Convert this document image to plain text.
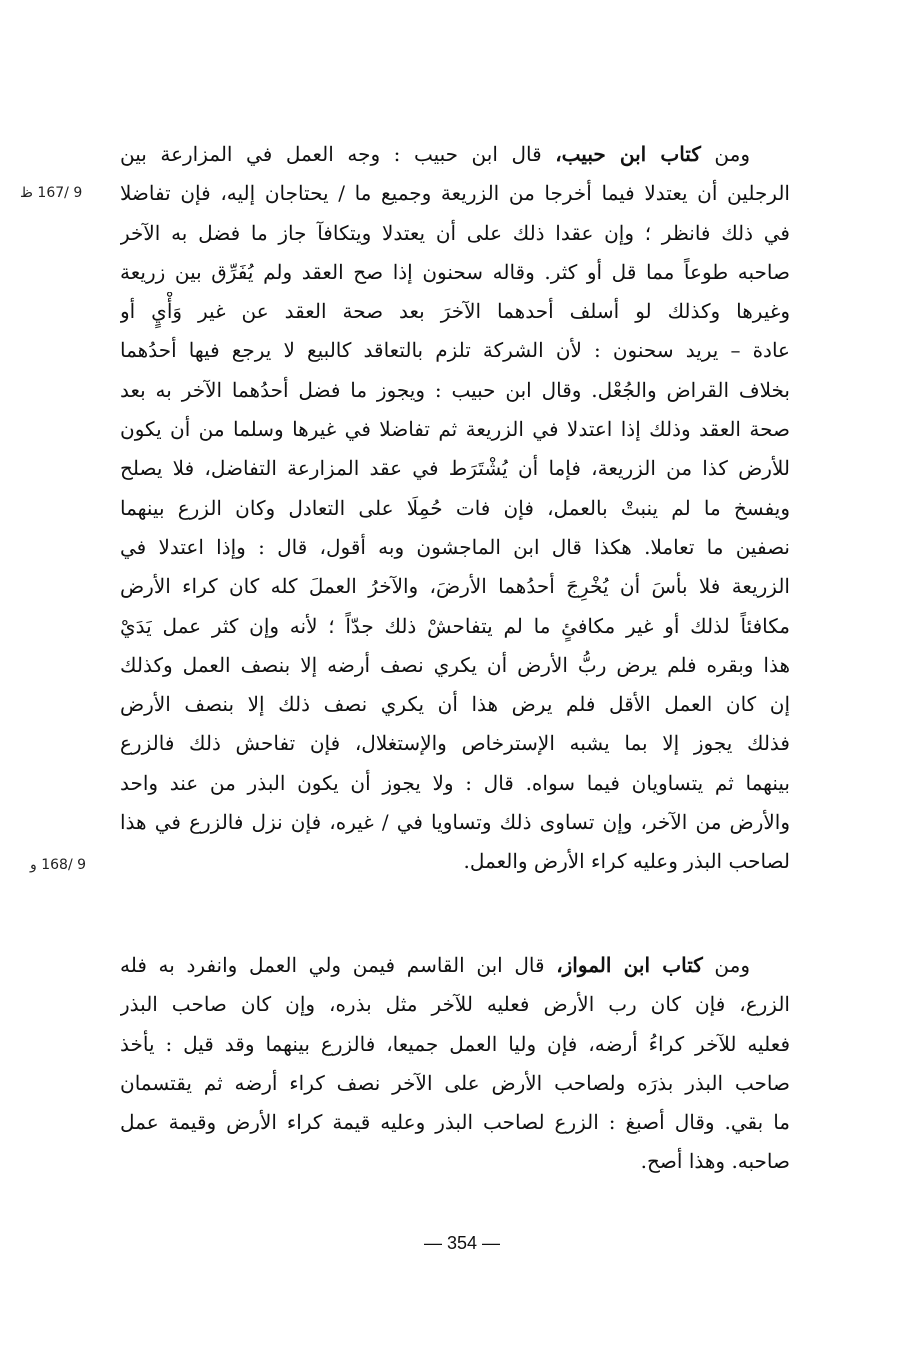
9 /167 ظ
9 /168 و
ومن كتاب ابن حبيب، قال ابن حبيب : وجه العمل في المزارعة بين
الرجلين أن يعتدلا فيما أخرجا من الزريعة وجميع ما / يحتاجان إليه، فإن تفاضلا
في ذلك فانظر ؛ وإن عقدا ذلك على أن يعتدلا ويتكافآ جاز ما فضل به الآخر
صاحبه طوعاً مما قل أو كثر. وقاله سحنون إذا صح العقد ولم يُفَرِّق بين زريعة
وغيرها وكذلك لو أسلف أحدهما الآخرَ بعد صحة العقد عن غير وَأْيٍ أو
عادة – يريد سحنون : لأن الشركة تلزم بالتعاقد كالبيع لا يرجع فيها أحدُهما
بخلاف القراض والجُعْل. وقال ابن حبيب : ويجوز ما فضل أحدُهما الآخر به بعد
صحة العقد وذلك إذا اعتدلا في الزريعة ثم تفاضلا في غيرها وسلما من أن يكون
للأرض كذا من الزريعة، فإما أن يُشْتَرَط في عقد المزارعة التفاضل، فلا يصلح
ويفسخ ما لم ينبتْ بالعمل، فإن فات حُمِلَا على التعادل وكان الزرع بينهما
نصفين ما تعاملا. هكذا قال ابن الماجشون وبه أقول، قال : وإذا اعتدلا في
الزريعة فلا بأسَ أن يُخْرِجَ أحدُهما الأرضَ، والآخرُ العملَ كله كان كراء الأرض
مكافئاً لذلك أو غير مكافئٍ ما لم يتفاحشْ ذلك جدّاً ؛ لأنه وإن كثر عمل يَدَيْ
هذا وبقره فلم يرض ربُّ الأرض أن يكري نصف أرضه إلا بنصف العمل وكذلك
إن كان العمل الأقل فلم يرض هذا أن يكري نصف ذلك إلا بنصف الأرض
فذلك يجوز إلا بما يشبه الإسترخاص والإستغلال، فإن تفاحش ذلك فالزرع
بينهما ثم يتساويان فيما سواه. قال : ولا يجوز أن يكون البذر من عند واحد
والأرض من الآخر، وإن تساوى ذلك وتساويا في / غيره، فإن نزل فالزرع في هذا
لصاحب البذر وعليه كراء الأرض والعمل.
ومن كتاب ابن المواز، قال ابن القاسم فيمن ولي العمل وانفرد به فله
الزرع، فإن كان رب الأرض فعليه للآخر مثل بذره، وإن كان صاحب البذر
فعليه للآخر كراءُ أرضه، فإن وليا العمل جميعا، فالزرع بينهما وقد قيل : يأخذ
صاحب البذر بذرَه ولصاحب الأرض على الآخر نصف كراء أرضه ثم يقتسمان
ما بقي. وقال أصبغ : الزرع لصاحب البذر وعليه قيمة كراء الأرض وقيمة عمل
صاحبه. وهذا أصح.
— 354 —
